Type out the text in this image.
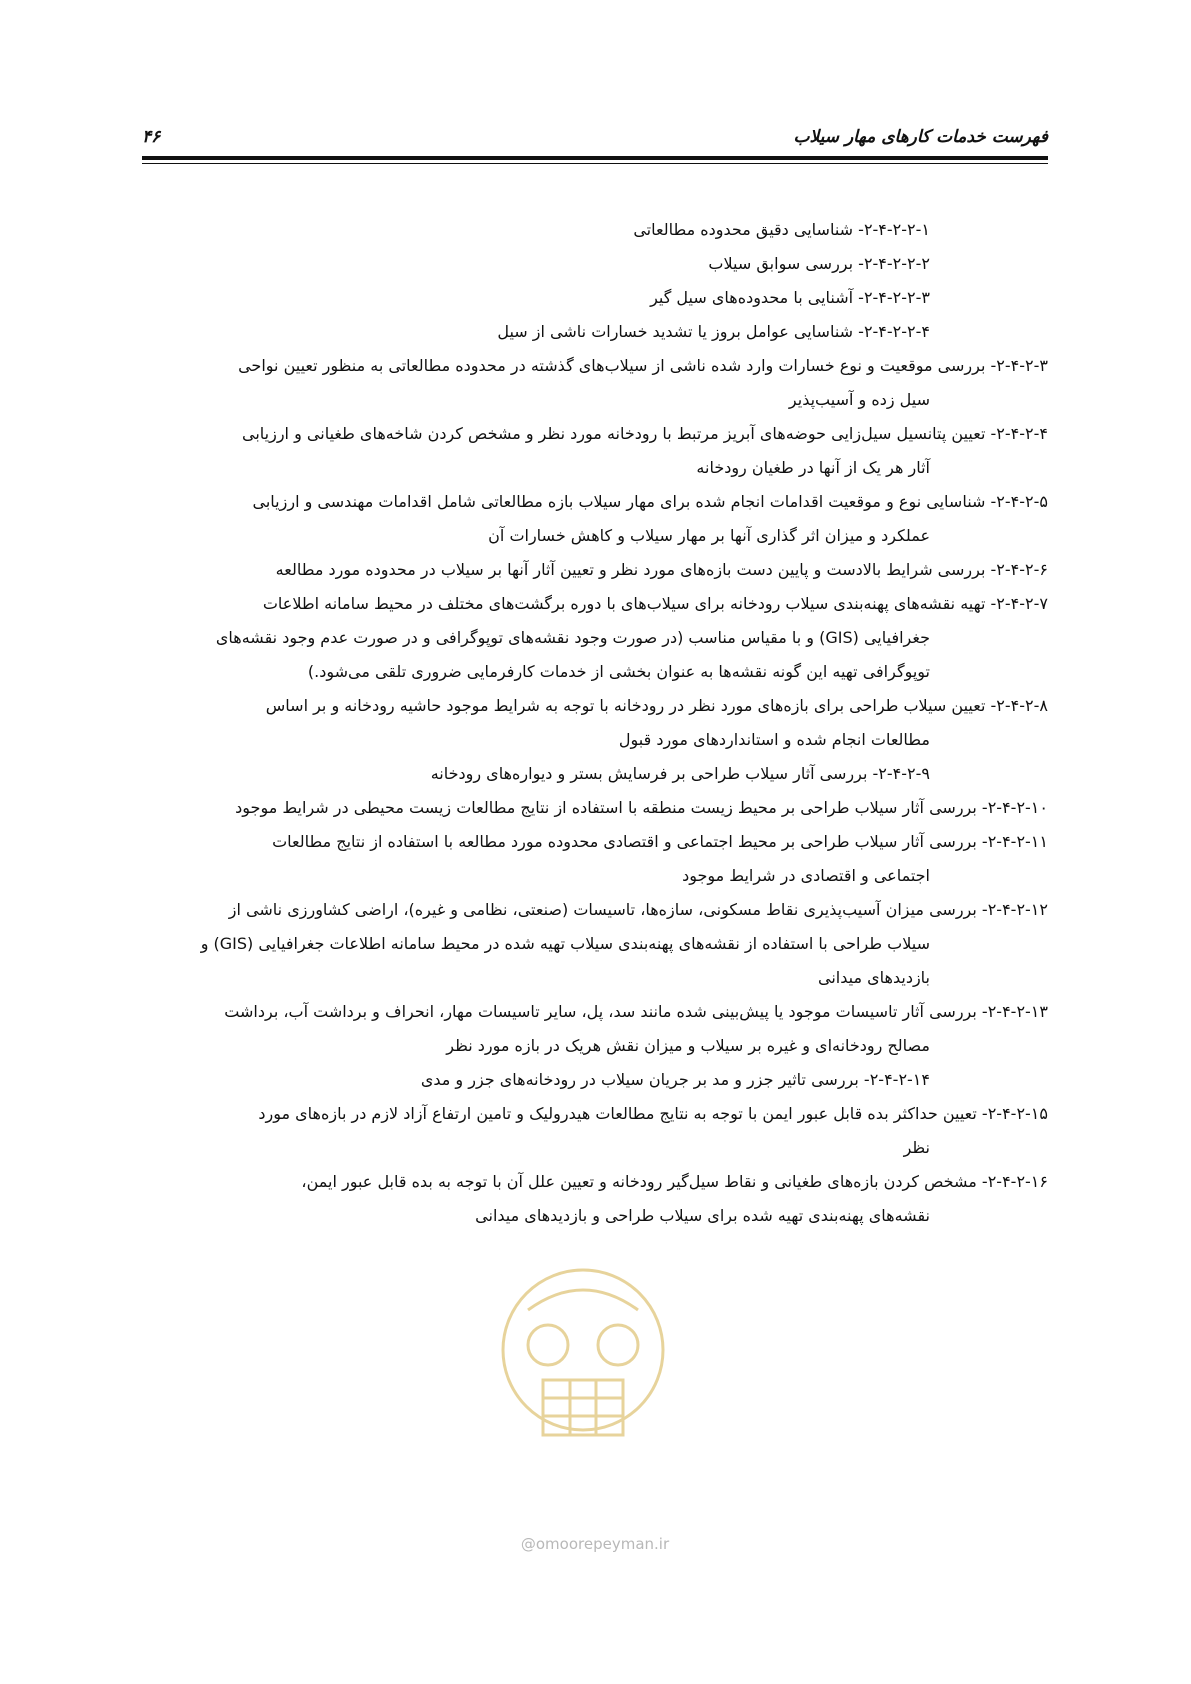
۴۶	فهرست خدمات کارهای مهار سیلاب
۲-۴-۲-۲-۱- شناسایی دقیق محدوده مطالعاتی
۲-۴-۲-۲-۲- بررسی سوابق سیلاب
۲-۴-۲-۲-۳- آشنایی با محدوده‌های سیل گیر
۲-۴-۲-۲-۴- شناسایی عوامل بروز یا تشدید خسارات ناشی از سیل
۲-۴-۲-۳- بررسی موقعیت و نوع خسارات وارد شده ناشی از سیلاب‌های گذشته در محدوده مطالعاتی به منظور تعیین نواحی
سیل زده و آسیب‌پذیر
۲-۴-۲-۴- تعیین پتانسیل سیل‌زایی حوضه‌های آبریز مرتبط با رودخانه مورد نظر و مشخص کردن شاخه‌های طغیانی و ارزیابی
آثار هر یک از آنها در طغیان رودخانه
۲-۴-۲-۵- شناسایی نوع و موقعیت اقدامات انجام شده برای مهار سیلاب بازه مطالعاتی شامل اقدامات مهندسی و ارزیابی
عملکرد و میزان اثر گذاری آنها بر مهار سیلاب و کاهش خسارات آن
۲-۴-۲-۶- بررسی شرایط بالادست و پایین دست بازه‌های مورد نظر و تعیین آثار آنها بر سیلاب در محدوده مورد مطالعه
۲-۴-۲-۷- تهیه نقشه‌های پهنه‌بندی سیلاب رودخانه برای سیلاب‌های با دوره برگشت‌های مختلف در محیط سامانه اطلاعات
جغرافیایی (GIS) و با مقیاس مناسب (در صورت وجود نقشه‌های توپوگرافی و در صورت عدم وجود نقشه‌های
توپوگرافی تهیه این گونه نقشه‌ها به عنوان بخشی از خدمات کارفرمایی ضروری تلقی می‌شود.)
۲-۴-۲-۸- تعیین سیلاب طراحی برای بازه‌های مورد نظر در رودخانه با توجه به شرایط موجود حاشیه رودخانه و بر اساس
مطالعات انجام شده و استانداردهای مورد قبول
۲-۴-۲-۹- بررسی آثار سیلاب طراحی بر فرسایش بستر و دیواره‌های رودخانه
۲-۴-۲-۱۰- بررسی آثار سیلاب طراحی بر محیط زیست منطقه با استفاده از نتایج مطالعات زیست محیطی در شرایط موجود
۲-۴-۲-۱۱- بررسی آثار سیلاب طراحی بر محیط اجتماعی و اقتصادی محدوده مورد مطالعه با استفاده از نتایج مطالعات
اجتماعی و اقتصادی در شرایط موجود
۲-۴-۲-۱۲- بررسی میزان آسیب‌پذیری نقاط مسکونی، سازه‌ها، تاسیسات (صنعتی، نظامی و غیره)، اراضی کشاورزی ناشی از
سیلاب طراحی با استفاده از نقشه‌های پهنه‌بندی سیلاب تهیه شده در محیط سامانه اطلاعات جغرافیایی (GIS) و
بازدیدهای میدانی
۲-۴-۲-۱۳- بررسی آثار تاسیسات موجود یا پیش‌بینی شده مانند سد، پل، سایر تاسیسات مهار، انحراف و برداشت آب، برداشت
مصالح رودخانه‌ای و غیره بر سیلاب و میزان نقش هریک در بازه مورد نظر
۲-۴-۲-۱۴- بررسی تاثیر جزر و مد بر جریان سیلاب در رودخانه‌های جزر و مدی
۲-۴-۲-۱۵- تعیین حداکثر بده قابل عبور ایمن با توجه به نتایج مطالعات هیدرولیک و تامین ارتفاع آزاد لازم در بازه‌های مورد
نظر
۲-۴-۲-۱۶- مشخص کردن بازه‌های طغیانی و نقاط سیل‌گیر رودخانه و تعیین علل آن با توجه به بده قابل عبور ایمن،
نقشه‌های پهنه‌بندی تهیه شده برای سیلاب طراحی و بازدیدهای میدانی
@omoorepeyman.ir
